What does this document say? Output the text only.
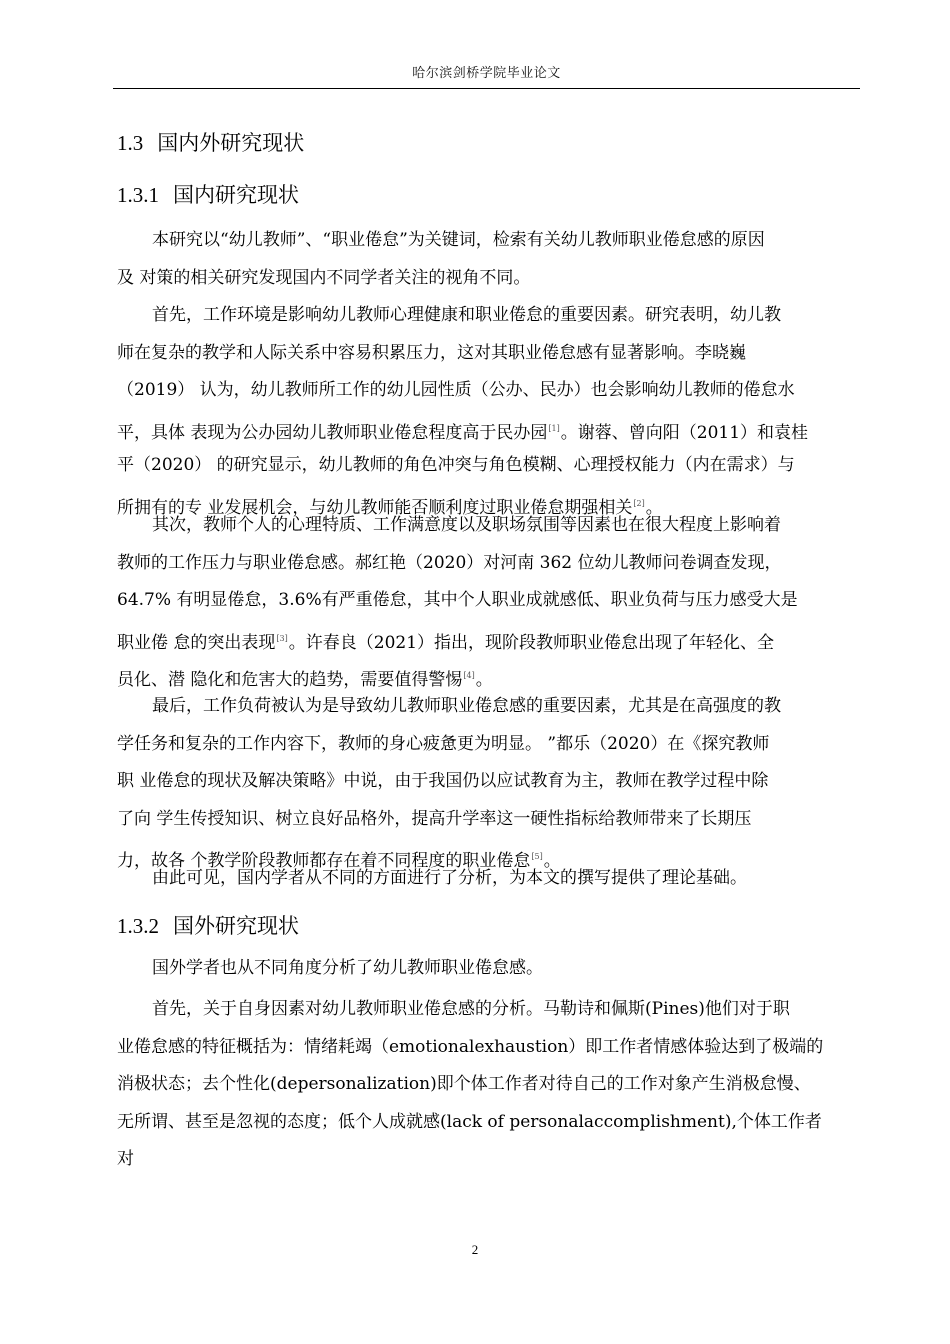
哈尔滨剑桥学院毕业论文
1.3 国内外研究现状
1.3.1 国内研究现状
本研究以“幼儿教师”、“职业倦怠”为关键词，检索有关幼儿教师职业倦怠感的原因
及 对策的相关研究发现国内不同学者关注的视角不同。
首先，工作环境是影响幼儿教师心理健康和职业倦怠的重要因素。研究表明，幼儿教
师在复杂的教学和人际关系中容易积累压力，这对其职业倦怠感有显著影响。李晓巍
（2019） 认为，幼儿教师所工作的幼儿园性质（公办、民办）也会影响幼儿教师的倦怠水
平，具体 表现为公办园幼儿教师职业倦怠程度高于民办园[1]。谢蓉、曾向阳（2011）和袁桂
平（2020） 的研究显示，幼儿教师的角色冲突与角色模糊、心理授权能力（内在需求）与
所拥有的专 业发展机会，与幼儿教师能否顺利度过职业倦怠期强相关[2]。
其次，教师个人的心理特质、工作满意度以及职场氛围等因素也在很大程度上影响着
教师的工作压力与职业倦怠感。郝红艳（2020）对河南 362 位幼儿教师问卷调查发现，
64.7% 有明显倦怠，3.6%有严重倦怠，其中个人职业成就感低、职业负荷与压力感受大是
职业倦 怠的突出表现[3]。许春良（2021）指出，现阶段教师职业倦怠出现了年轻化、全
员化、潜 隐化和危害大的趋势，需要值得警惕[4]。
最后，工作负荷被认为是导致幼儿教师职业倦怠感的重要因素，尤其是在高强度的教
学任务和复杂的工作内容下，教师的身心疲惫更为明显。 ”都乐（2020）在《探究教师
职 业倦怠的现状及解决策略》中说，由于我国仍以应试教育为主，教师在教学过程中除
了向 学生传授知识、树立良好品格外，提高升学率这一硬性指标给教师带来了长期压
力，故各 个教学阶段教师都存在着不同程度的职业倦怠[5]。
由此可见，国内学者从不同的方面进行了分析，为本文的撰写提供了理论基础。
1.3.2 国外研究现状
国外学者也从不同角度分析了幼儿教师职业倦怠感。
首先，关于自身因素对幼儿教师职业倦怠感的分析。马勒诗和佩斯(Pines)他们对于职
业倦怠感的特征概括为：情绪耗竭（emotionalexhaustion）即工作者情感体验达到了极端的
消极状态；去个性化(depersonalization)即个体工作者对待自己的工作对象产生消极怠慢、
无所谓、甚至是忽视的态度；低个人成就感(lack of personalaccomplishment),个体工作者
对
2
